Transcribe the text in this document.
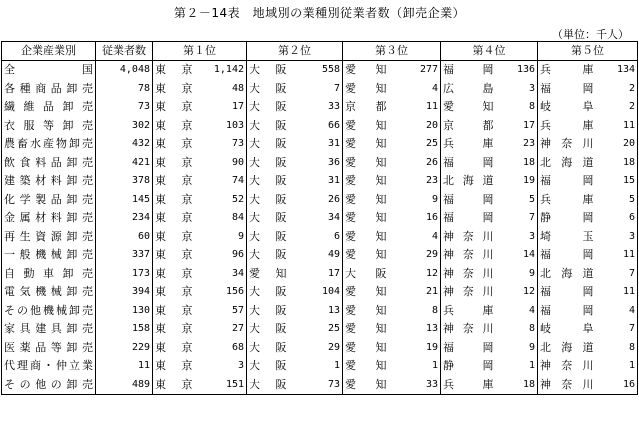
第２－14表　地域別の業種別従業者数（卸売企業）
（単位：千人）
企業産業別	従業者数	第１位		第２位		第３位		第４位		第５位	
全国	4,048	東京	1,142	大阪	558	愛知	277	福岡	136	兵庫	134
各種商品卸売	78	東京	48	大阪	7	愛知	4	広島	3	福岡	2
繊維品卸売	73	東京	17	大阪	33	京都	11	愛知	8	岐阜	2
衣服等卸売	302	東京	103	大阪	66	愛知	20	京都	17	兵庫	11
農畜水産物卸売	432	東京	73	大阪	31	愛知	25	兵庫	23	神奈川	20
飲食料品卸売	421	東京	90	大阪	36	愛知	26	福岡	18	北海道	18
建築材料卸売	378	東京	74	大阪	31	愛知	23	北海道	19	福岡	15
化学製品卸売	145	東京	52	大阪	26	愛知	9	福岡	5	兵庫	5
金属材料卸売	234	東京	84	大阪	34	愛知	16	福岡	7	静岡	6
再生資源卸売	60	東京	9	大阪	6	愛知	4	神奈川	3	埼玉	3
一般機械卸売	337	東京	96	大阪	49	愛知	29	神奈川	14	福岡	11
自動車卸売	173	東京	34	愛知	17	大阪	12	神奈川	9	北海道	7
電気機械卸売	394	東京	156	大阪	104	愛知	21	神奈川	12	福岡	11
その他機械卸売	130	東京	57	大阪	13	愛知	8	兵庫	4	福岡	4
家具建具卸売	158	東京	27	大阪	25	愛知	13	神奈川	8	岐阜	7
医薬品等卸売	229	東京	68	大阪	29	愛知	19	福岡	9	北海道	8
代理商・仲立業	11	東京	3	大阪	1	愛知	1	静岡	1	神奈川	1
その他の卸売	489	東京	151	大阪	73	愛知	33	兵庫	18	神奈川	16
